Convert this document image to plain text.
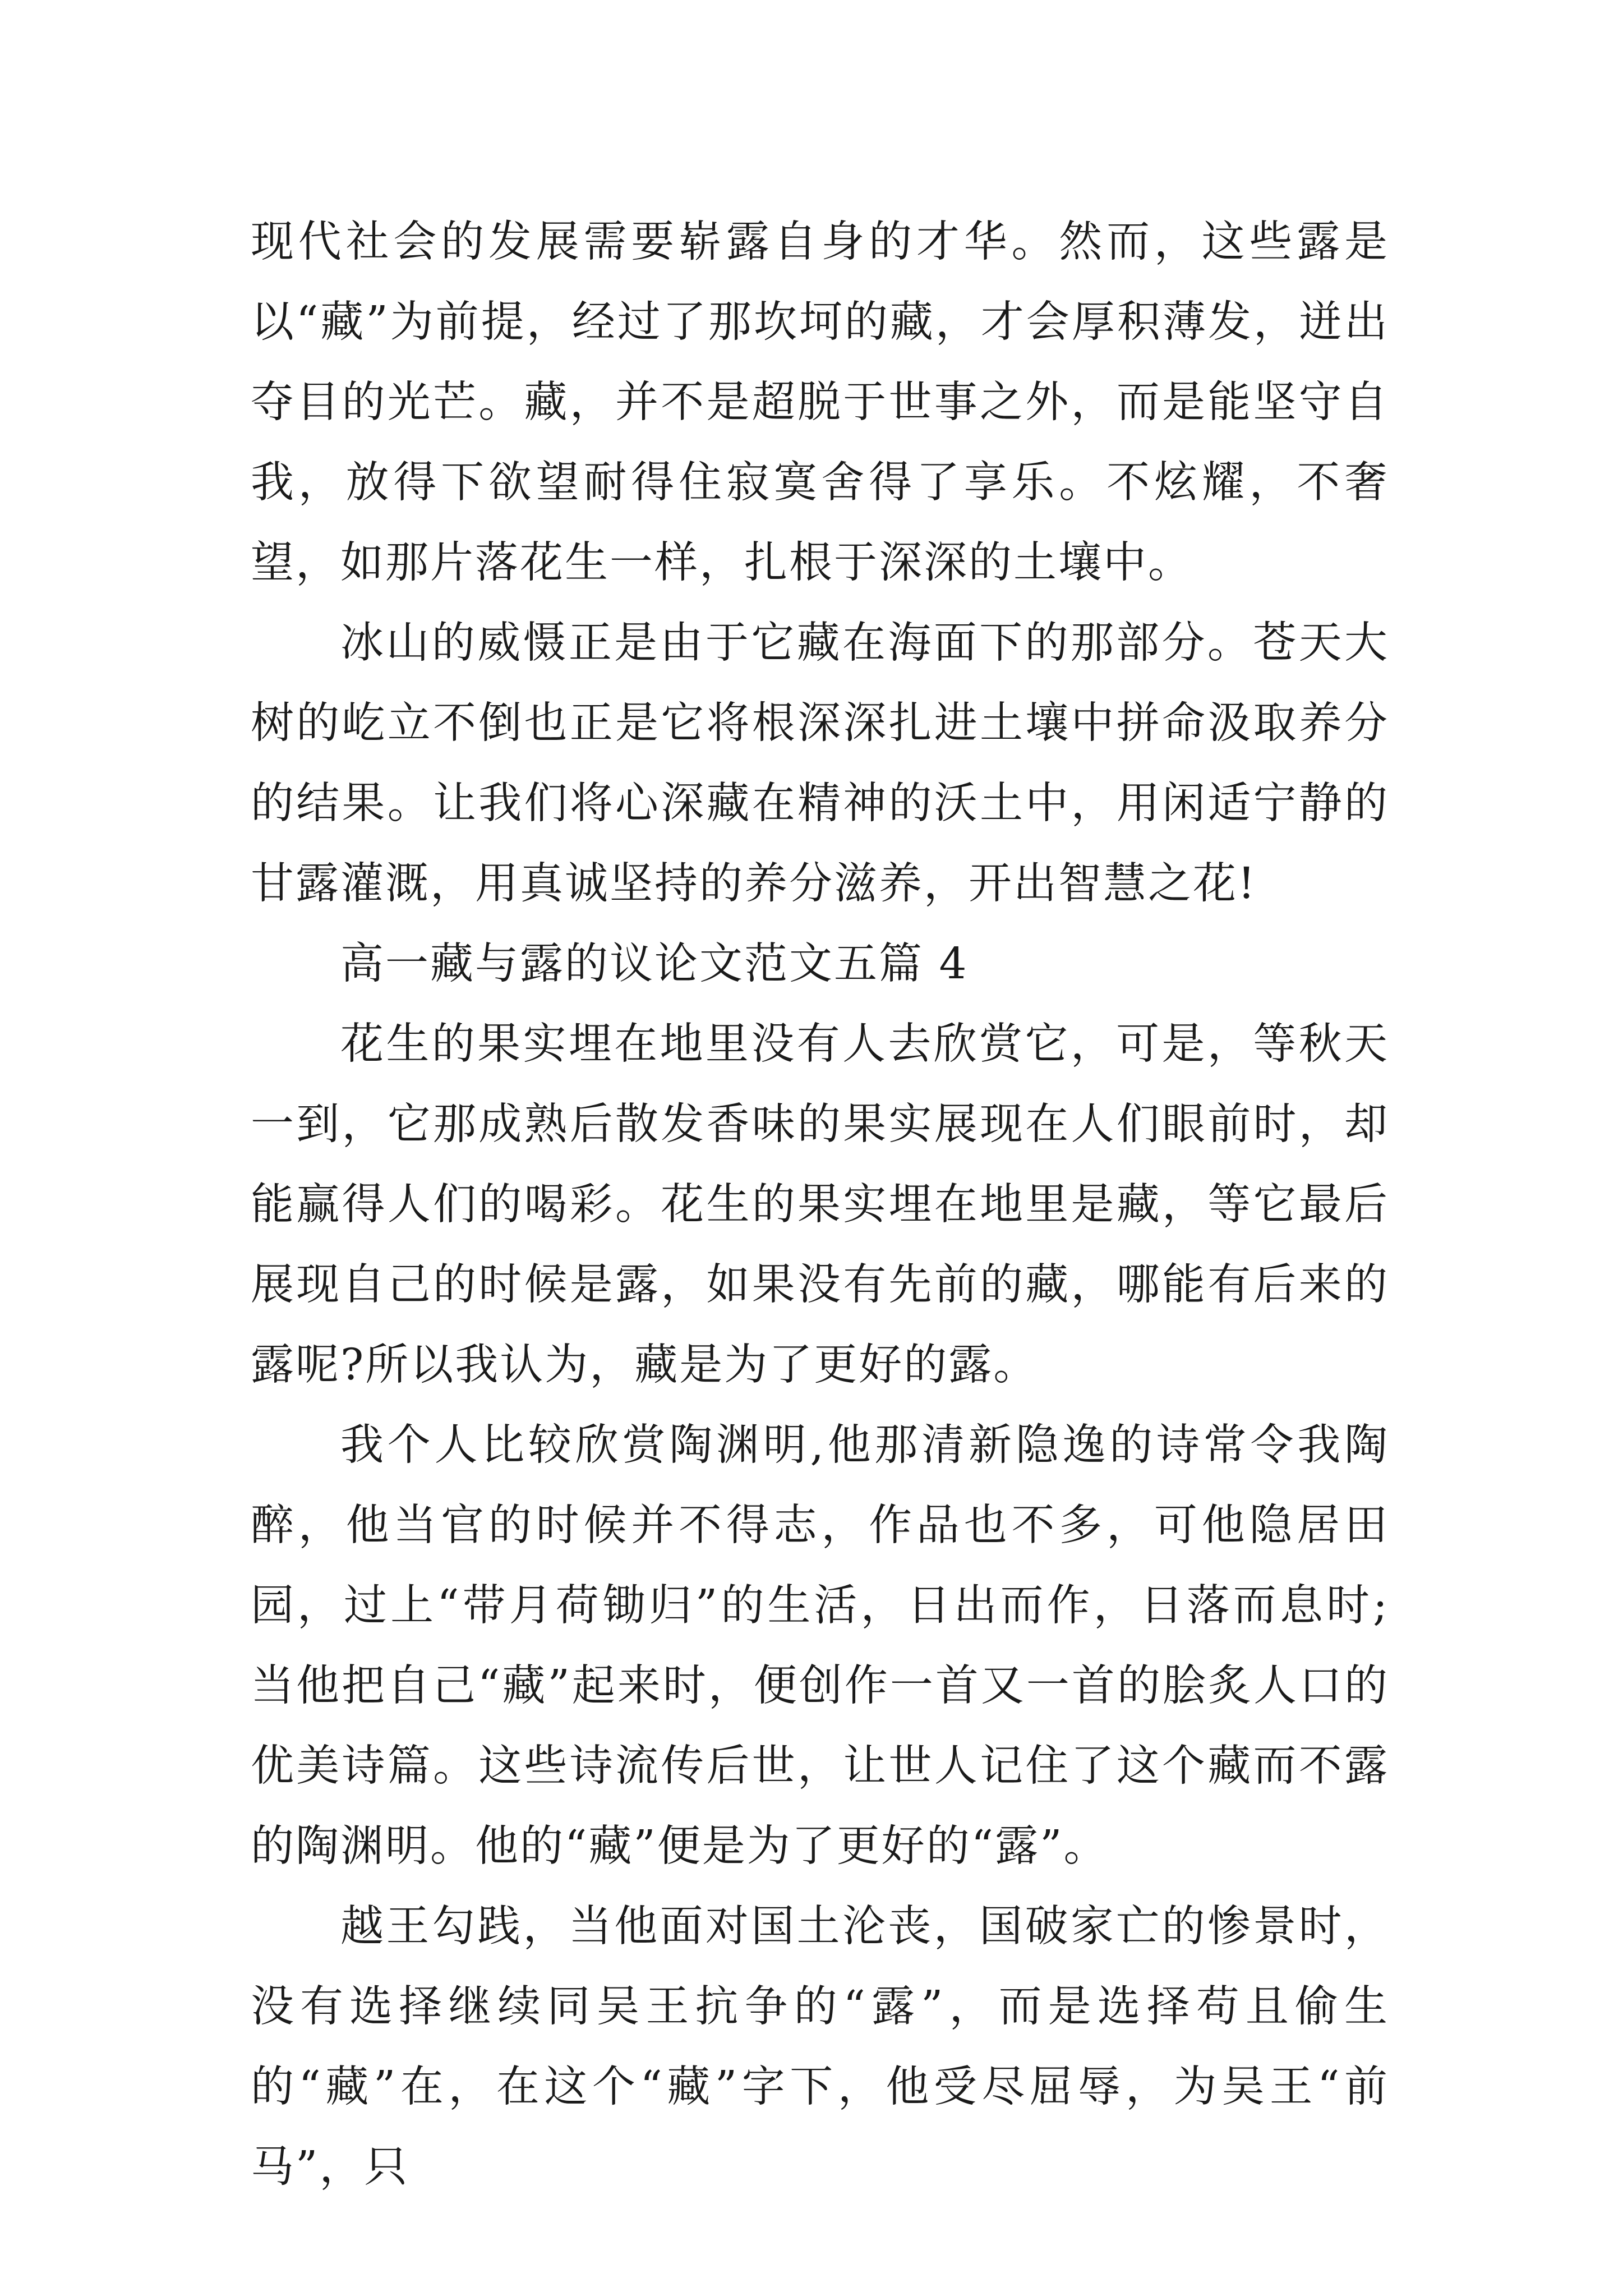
现代社会的发展需要崭露自身的才华。然而，这些露是以“藏”为前提，经过了那坎坷的藏，才会厚积薄发，迸出夺目的光芒。藏，并不是超脱于世事之外，而是能坚守自我，放得下欲望耐得住寂寞舍得了享乐。不炫耀，不奢望，如那片落花生一样，扎根于深深的土壤中。

冰山的威慑正是由于它藏在海面下的那部分。苍天大树的屹立不倒也正是它将根深深扎进土壤中拼命汲取养分的结果。让我们将心深藏在精神的沃土中，用闲适宁静的甘露灌溉，用真诚坚持的养分滋养，开出智慧之花!

高一藏与露的议论文范文五篇 4

花生的果实埋在地里没有人去欣赏它，可是，等秋天一到，它那成熟后散发香味的果实展现在人们眼前时，却能赢得人们的喝彩。花生的果实埋在地里是藏，等它最后展现自己的时候是露，如果没有先前的藏，哪能有后来的露呢?所以我认为，藏是为了更好的露。

我个人比较欣赏陶渊明,他那清新隐逸的诗常令我陶醉，他当官的时候并不得志，作品也不多，可他隐居田园，过上“带月荷锄归”的生活，日出而作，日落而息时;当他把自己“藏”起来时，便创作一首又一首的脍炙人口的优美诗篇。这些诗流传后世，让世人记住了这个藏而不露的陶渊明。他的“藏”便是为了更好的“露”。

越王勾践，当他面对国土沦丧，国破家亡的惨景时，没有选择继续同吴王抗争的“露”，而是选择苟且偷生的“藏”在，在这个“藏”字下，他受尽屈辱，为吴王“前马”，只
